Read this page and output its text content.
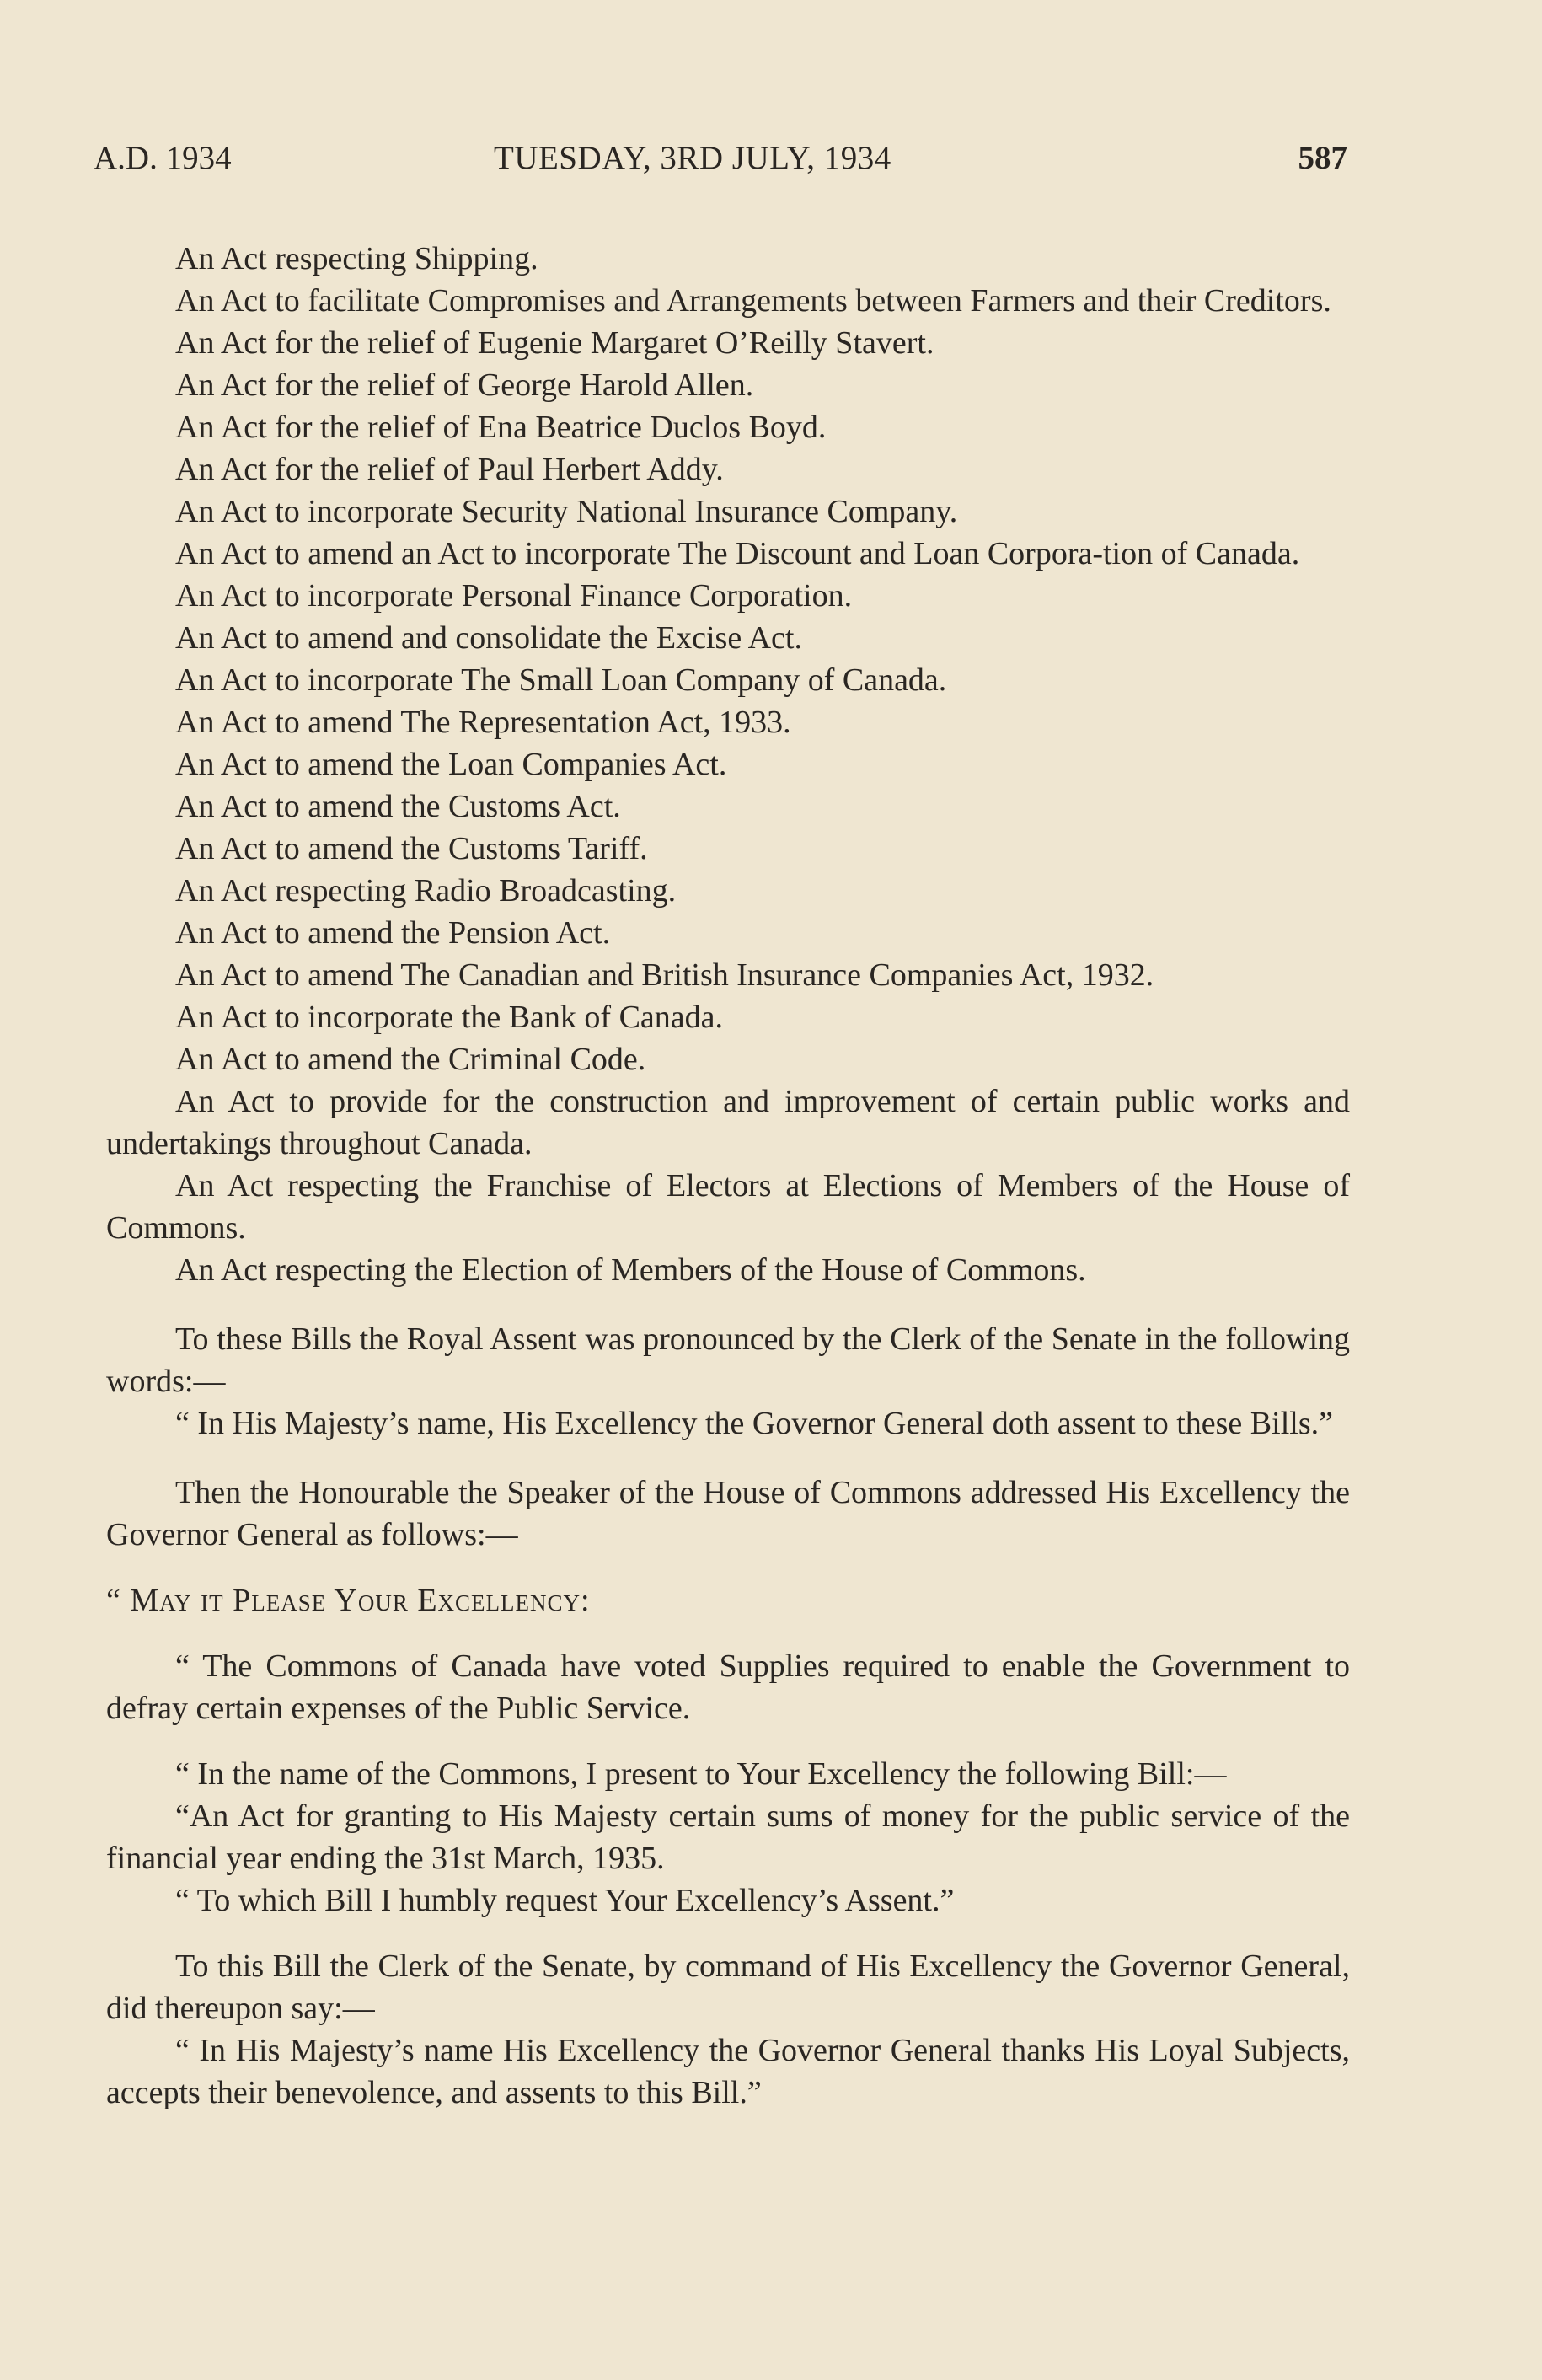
A.D. 1934	TUESDAY, 3RD JULY, 1934	587

An Act respecting Shipping.

An Act to facilitate Compromises and Arrangements between Farmers and their Creditors.

An Act for the relief of Eugenie Margaret O’Reilly Stavert.

An Act for the relief of George Harold Allen.

An Act for the relief of Ena Beatrice Duclos Boyd.

An Act for the relief of Paul Herbert Addy.

An Act to incorporate Security National Insurance Company.

An Act to amend an Act to incorporate The Discount and Loan Corpora-tion of Canada.

An Act to incorporate Personal Finance Corporation.

An Act to amend and consolidate the Excise Act.

An Act to incorporate The Small Loan Company of Canada.

An Act to amend The Representation Act, 1933.

An Act to amend the Loan Companies Act.

An Act to amend the Customs Act.

An Act to amend the Customs Tariff.

An Act respecting Radio Broadcasting.

An Act to amend the Pension Act.

An Act to amend The Canadian and British Insurance Companies Act, 1932.

An Act to incorporate the Bank of Canada.

An Act to amend the Criminal Code.

An Act to provide for the construction and improvement of certain public works and undertakings throughout Canada.

An Act respecting the Franchise of Electors at Elections of Members of the House of Commons.

An Act respecting the Election of Members of the House of Commons.

To these Bills the Royal Assent was pronounced by the Clerk of the Senate in the following words:—

“ In His Majesty’s name, His Excellency the Governor General doth assent to these Bills.”

Then the Honourable the Speaker of the House of Commons addressed His Excellency the Governor General as follows:—

“ May it Please Your Excellency:

“ The Commons of Canada have voted Supplies required to enable the Government to defray certain expenses of the Public Service.

“ In the name of the Commons, I present to Your Excellency the following Bill:—

“An Act for granting to His Majesty certain sums of money for the public service of the financial year ending the 31st March, 1935.

“ To which Bill I humbly request Your Excellency’s Assent.”

To this Bill the Clerk of the Senate, by command of His Excellency the Governor General, did thereupon say:—

“ In His Majesty’s name His Excellency the Governor General thanks His Loyal Subjects, accepts their benevolence, and assents to this Bill.”
